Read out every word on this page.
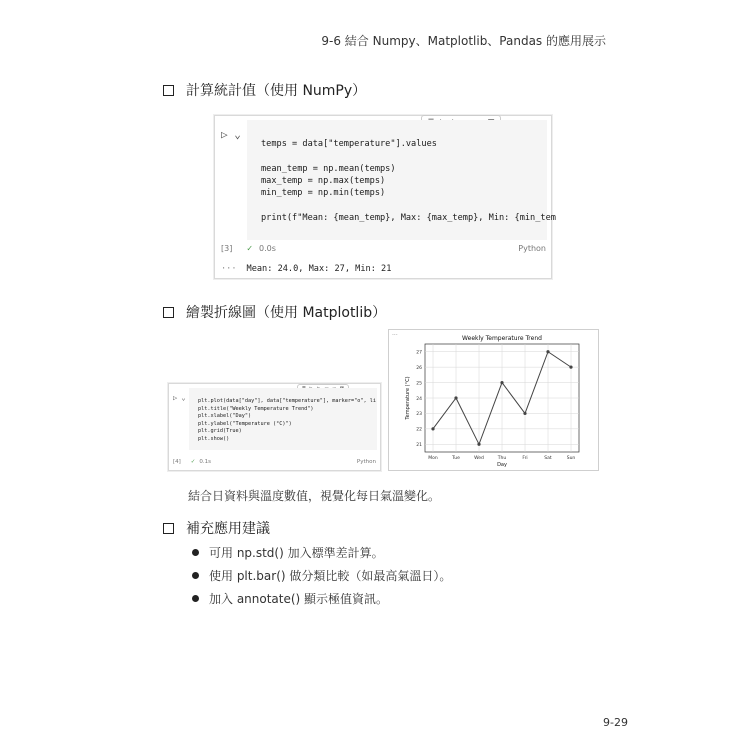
9-6 結合 Numpy、Matplotlib、Pandas 的應用展示
計算統計值（使用 NumPy）
▷ ⌄
temps = data["temperature"].values

mean_temp = np.mean(temps)
max_temp = np.max(temps)
min_temp = np.min(temps)

print(f"Mean: {mean_temp}, Max: {max_temp}, Min: {min_tem
[3] ✓ 0.0s	Python
··· Mean: 24.0, Max: 27, Min: 21
繪製折線圖（使用 Matplotlib）
▷ ⌄ plt.plot(data["day"], data["temperature"], marker="o", li
plt.title("Weekly Temperature Trend")
plt.xlabel("Day")
plt.ylabel("Temperature (°C)")
plt.grid(True)
plt.show()
[4] ✓ 0.1s	Python
···
21
22
23
24
25
26
27
Mon	Tue	Wed	Thu	Fri	Sat	Sun
Weekly Temperature Trend
Day
Temperature (°C)
結合日資料與溫度數值，視覺化每日氣溫變化。
補充應用建議
可用 np.std() 加入標準差計算。
使用 plt.bar() 做分類比較（如最高氣溫日）。
加入 annotate() 顯示極值資訊。
9-29
